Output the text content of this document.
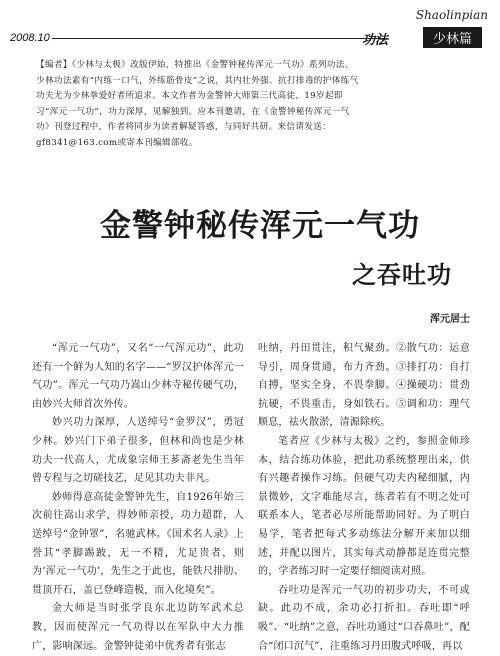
2008.10
Shaolinpian
功法	少林篇
【编者】《少林与太极》改版伊始，特推出《金警钟秘传浑元一气功》系列功法。少林功法素有“内练一口气，外练筋骨皮”之说，其内壮外强、抗打排毒的护体练气功夫尤为少林拳爱好者所追求。本文作者为金警钟大师第三代高徒，19岁起即习“浑元一气功”，功力深厚，见解独到。应本刊邀请，在《金警钟秘传浑元一气功》刊登过程中，作者将同步为读者解疑答惑，与同好共研。来信请发送：gf8341@163.com或寄本刊编辑部收。
金警钟秘传浑元一气功
之吞吐功
浑元居士

“浑元一气功”，又名“一气浑元功”，此功还有一个鲜为人知的名字——“罗汉护体浑元一气功”。浑元一气功乃嵩山少林寺秘传硬气功，由妙兴大师首次外传。

妙兴功力深厚，人送绰号“金罗汉”，勇冠少林。妙兴门下弟子很多，但林和尚也是少林功夫一代高人，尤成象宗师王芗斋老先生当年曾专程与之切磋技艺，足见其功夫非凡。

妙师得意高徒金警钟先生，自1926年始三次前往嵩山求学，得妙师亲授，功力超群，人送绰号“金钟罩”，名驰武林。《国术名人录》上誉其“孝脚踢跛，无一不精，尤足贵者，则为‘浑元一气功’，先生之于此也，能铁尺排肋、贯顶开石，盖已登峰造极，而入化境矣”。

金大师是当时张学良东北边防军武术总教，因而使浑元一气功得以在军队中大力推广，影响深远。金警钟徒弟中优秀者有张志

吐纳，丹田贯注，积气聚劲。②散气功：运意导引，周身贯通，布力齐劲。③排打功：自打自搏，坚实全身，不畏拳脚。④操硬功：贯劲抗硬，不畏重击，身如铁石。⑤调和功：理气顺息，祛火散淤，清源除疾。

笔者应《少林与太极》之约，参照金师珍本，结合练功体验，把此功系统整理出来，供有兴趣者操作习练。但硬气功夫内秘细腻，内景微妙，文字难能尽言，练者若有不明之处可联系本人，笔者必尽所能帮助同好。为了明白易学，笔者把每式多动练法分解开来加以细述，并配以图片，其实每式动静都是连贯完整的，学者练习时一定要仔细阅读对照。

吞吐功是浑元一气功的初步功夫，不可或缺。此功不成，余功必打折扣。吞吐即“呼吸”、“吐纳”之意，吞吐功通过“口吞鼻吐”，配合“闭口沉气”，注重练习丹田腹式呼吸，再以
